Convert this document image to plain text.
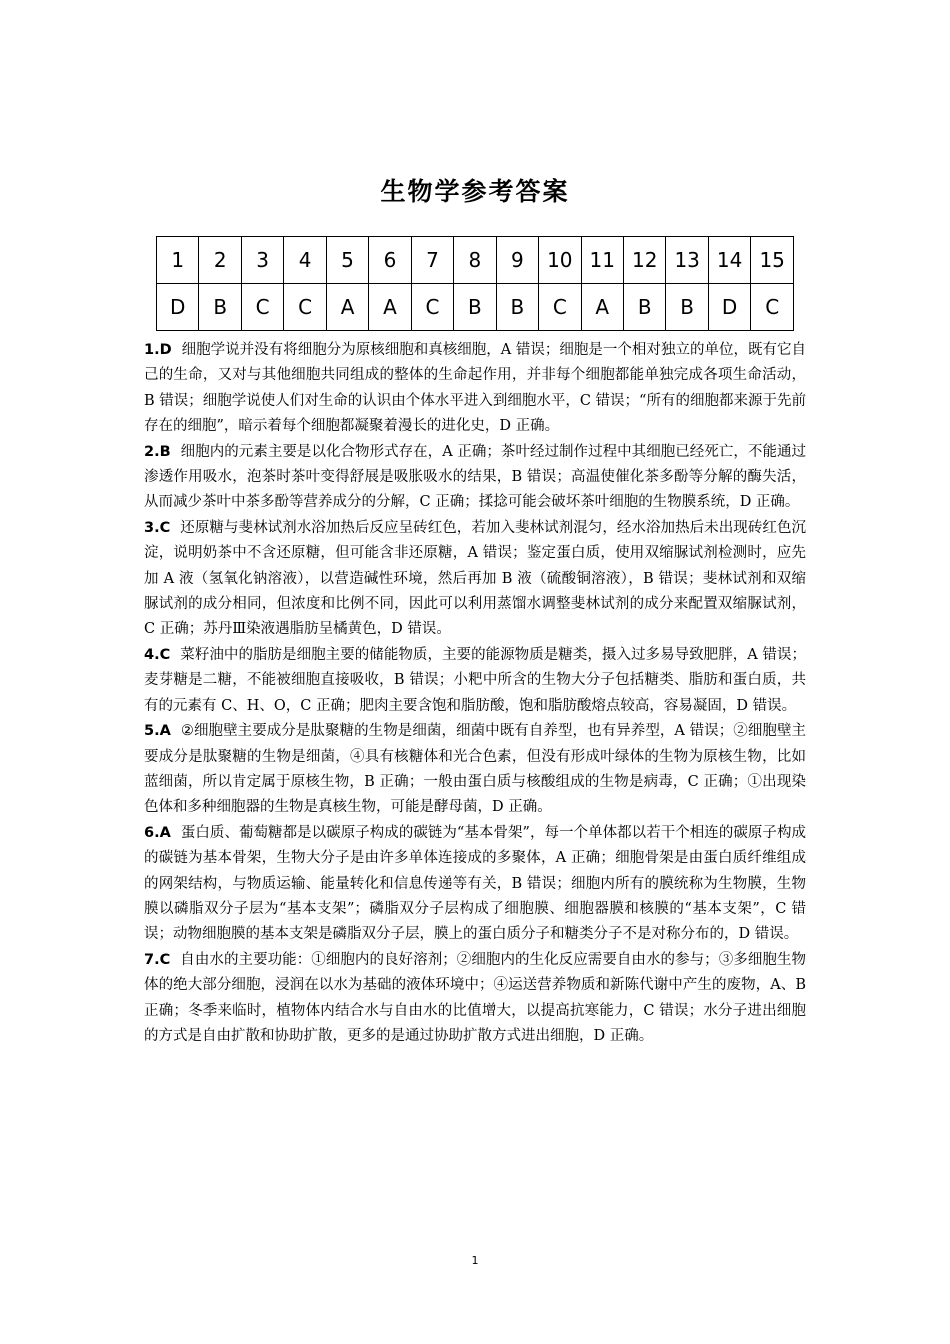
生物学参考答案
1	2	3	4	5	6	7	8	9	10	11	12	13	14	15
D	B	C	C	A	A	C	B	B	C	A	B	B	D	C

1.D 细胞学说并没有将细胞分为原核细胞和真核细胞，A 错误；细胞是一个相对独立的单位，既有它自己的生命，又对与其他细胞共同组成的整体的生命起作用，并非每个细胞都能单独完成各项生命活动，B 错误；细胞学说使人们对生命的认识由个体水平进入到细胞水平，C 错误；“所有的细胞都来源于先前存在的细胞”，暗示着每个细胞都凝聚着漫长的进化史，D 正确。

2.B 细胞内的元素主要是以化合物形式存在，A 正确；茶叶经过制作过程中其细胞已经死亡，不能通过渗透作用吸水，泡茶时茶叶变得舒展是吸胀吸水的结果，B 错误；高温使催化茶多酚等分解的酶失活，从而减少茶叶中茶多酚等营养成分的分解，C 正确；揉捻可能会破坏茶叶细胞的生物膜系统，D 正确。

3.C 还原糖与斐林试剂水浴加热后反应呈砖红色，若加入斐林试剂混匀，经水浴加热后未出现砖红色沉淀，说明奶茶中不含还原糖，但可能含非还原糖，A 错误；鉴定蛋白质，使用双缩脲试剂检测时，应先加 A 液（氢氧化钠溶液），以营造碱性环境，然后再加 B 液（硫酸铜溶液），B 错误；斐林试剂和双缩脲试剂的成分相同，但浓度和比例不同，因此可以利用蒸馏水调整斐林试剂的成分来配置双缩脲试剂，C 正确；苏丹Ⅲ染液遇脂肪呈橘黄色，D 错误。

4.C 菜籽油中的脂肪是细胞主要的储能物质，主要的能源物质是糖类，摄入过多易导致肥胖，A 错误；麦芽糖是二糖，不能被细胞直接吸收，B 错误；小粑中所含的生物大分子包括糖类、脂肪和蛋白质，共有的元素有 C、H、O，C 正确；肥肉主要含饱和脂肪酸，饱和脂肪酸熔点较高，容易凝固，D 错误。

5.A ②细胞壁主要成分是肽聚糖的生物是细菌，细菌中既有自养型，也有异养型，A 错误；②细胞壁主要成分是肽聚糖的生物是细菌，④具有核糖体和光合色素，但没有形成叶绿体的生物为原核生物，比如蓝细菌，所以肯定属于原核生物，B 正确；一般由蛋白质与核酸组成的生物是病毒，C 正确；①出现染色体和多种细胞器的生物是真核生物，可能是酵母菌，D 正确。

6.A 蛋白质、葡萄糖都是以碳原子构成的碳链为“基本骨架”，每一个单体都以若干个相连的碳原子构成的碳链为基本骨架，生物大分子是由许多单体连接成的多聚体，A 正确；细胞骨架是由蛋白质纤维组成的网架结构，与物质运输、能量转化和信息传递等有关，B 错误；细胞内所有的膜统称为生物膜，生物膜以磷脂双分子层为“基本支架”；磷脂双分子层构成了细胞膜、细胞器膜和核膜的“基本支架”，C 错误；动物细胞膜的基本支架是磷脂双分子层，膜上的蛋白质分子和糖类分子不是对称分布的，D 错误。

7.C 自由水的主要功能：①细胞内的良好溶剂；②细胞内的生化反应需要自由水的参与；③多细胞生物体的绝大部分细胞，浸润在以水为基础的液体环境中；④运送营养物质和新陈代谢中产生的废物，A、B 正确；冬季来临时，植物体内结合水与自由水的比值增大，以提高抗寒能力，C 错误；水分子进出细胞的方式是自由扩散和协助扩散，更多的是通过协助扩散方式进出细胞，D 正确。

1
